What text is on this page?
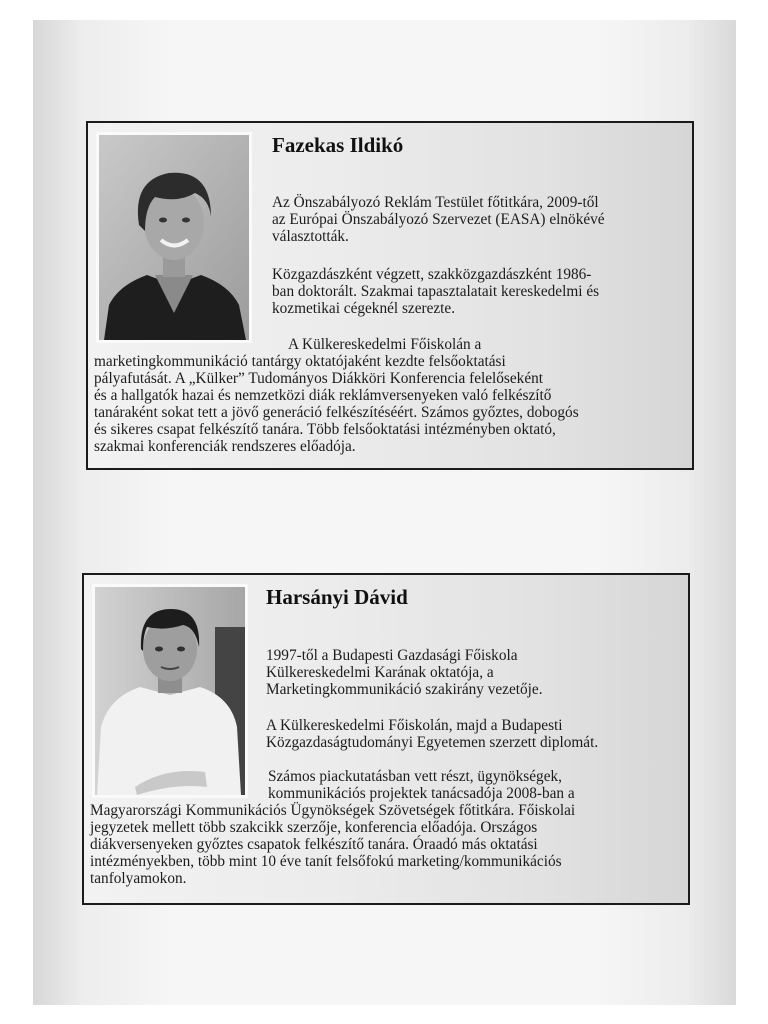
Fazekas Ildikó

Az Önszabályozó Reklám Testület főtitkára, 2009-től
az Európai Önszabályozó Szervezet (EASA) elnökévé
választották.

Közgazdászként végzett, szakközgazdászként 1986-
ban doktorált. Szakmai tapasztalatait kereskedelmi és
kozmetikai cégeknél szerezte.

A Külkereskedelmi Főiskolán a
marketingkommunikáció tantárgy oktatójaként kezdte felsőoktatási
pályafutását. A „Külker” Tudományos Diákköri Konferencia felelőseként
és a hallgatók hazai és nemzetközi diák reklámversenyeken való felkészítő
tanáraként sokat tett a jövő generáció felkészítéséért. Számos győztes, dobogós
és sikeres csapat felkészítő tanára. Több felsőoktatási intézményben oktató,
szakmai konferenciák rendszeres előadója.

Harsányi Dávid

1997-től a Budapesti Gazdasági Főiskola
Külkereskedelmi Karának oktatója, a
Marketingkommunikáció szakirány vezetője.

A Külkereskedelmi Főiskolán, majd a Budapesti
Közgazdaságtudományi Egyetemen szerzett diplomát.

Számos piackutatásban vett részt, ügynökségek,
kommunikációs projektek tanácsadója 2008-ban a
Magyarországi Kommunikációs Ügynökségek Szövetségek főtitkára. Főiskolai
jegyzetek mellett több szakcikk szerzője, konferencia előadója. Országos
diákversenyeken győztes csapatok felkészítő tanára. Óraadó más oktatási
intézményekben, több mint 10 éve tanít felsőfokú marketing/kommunikációs
tanfolyamokon.
